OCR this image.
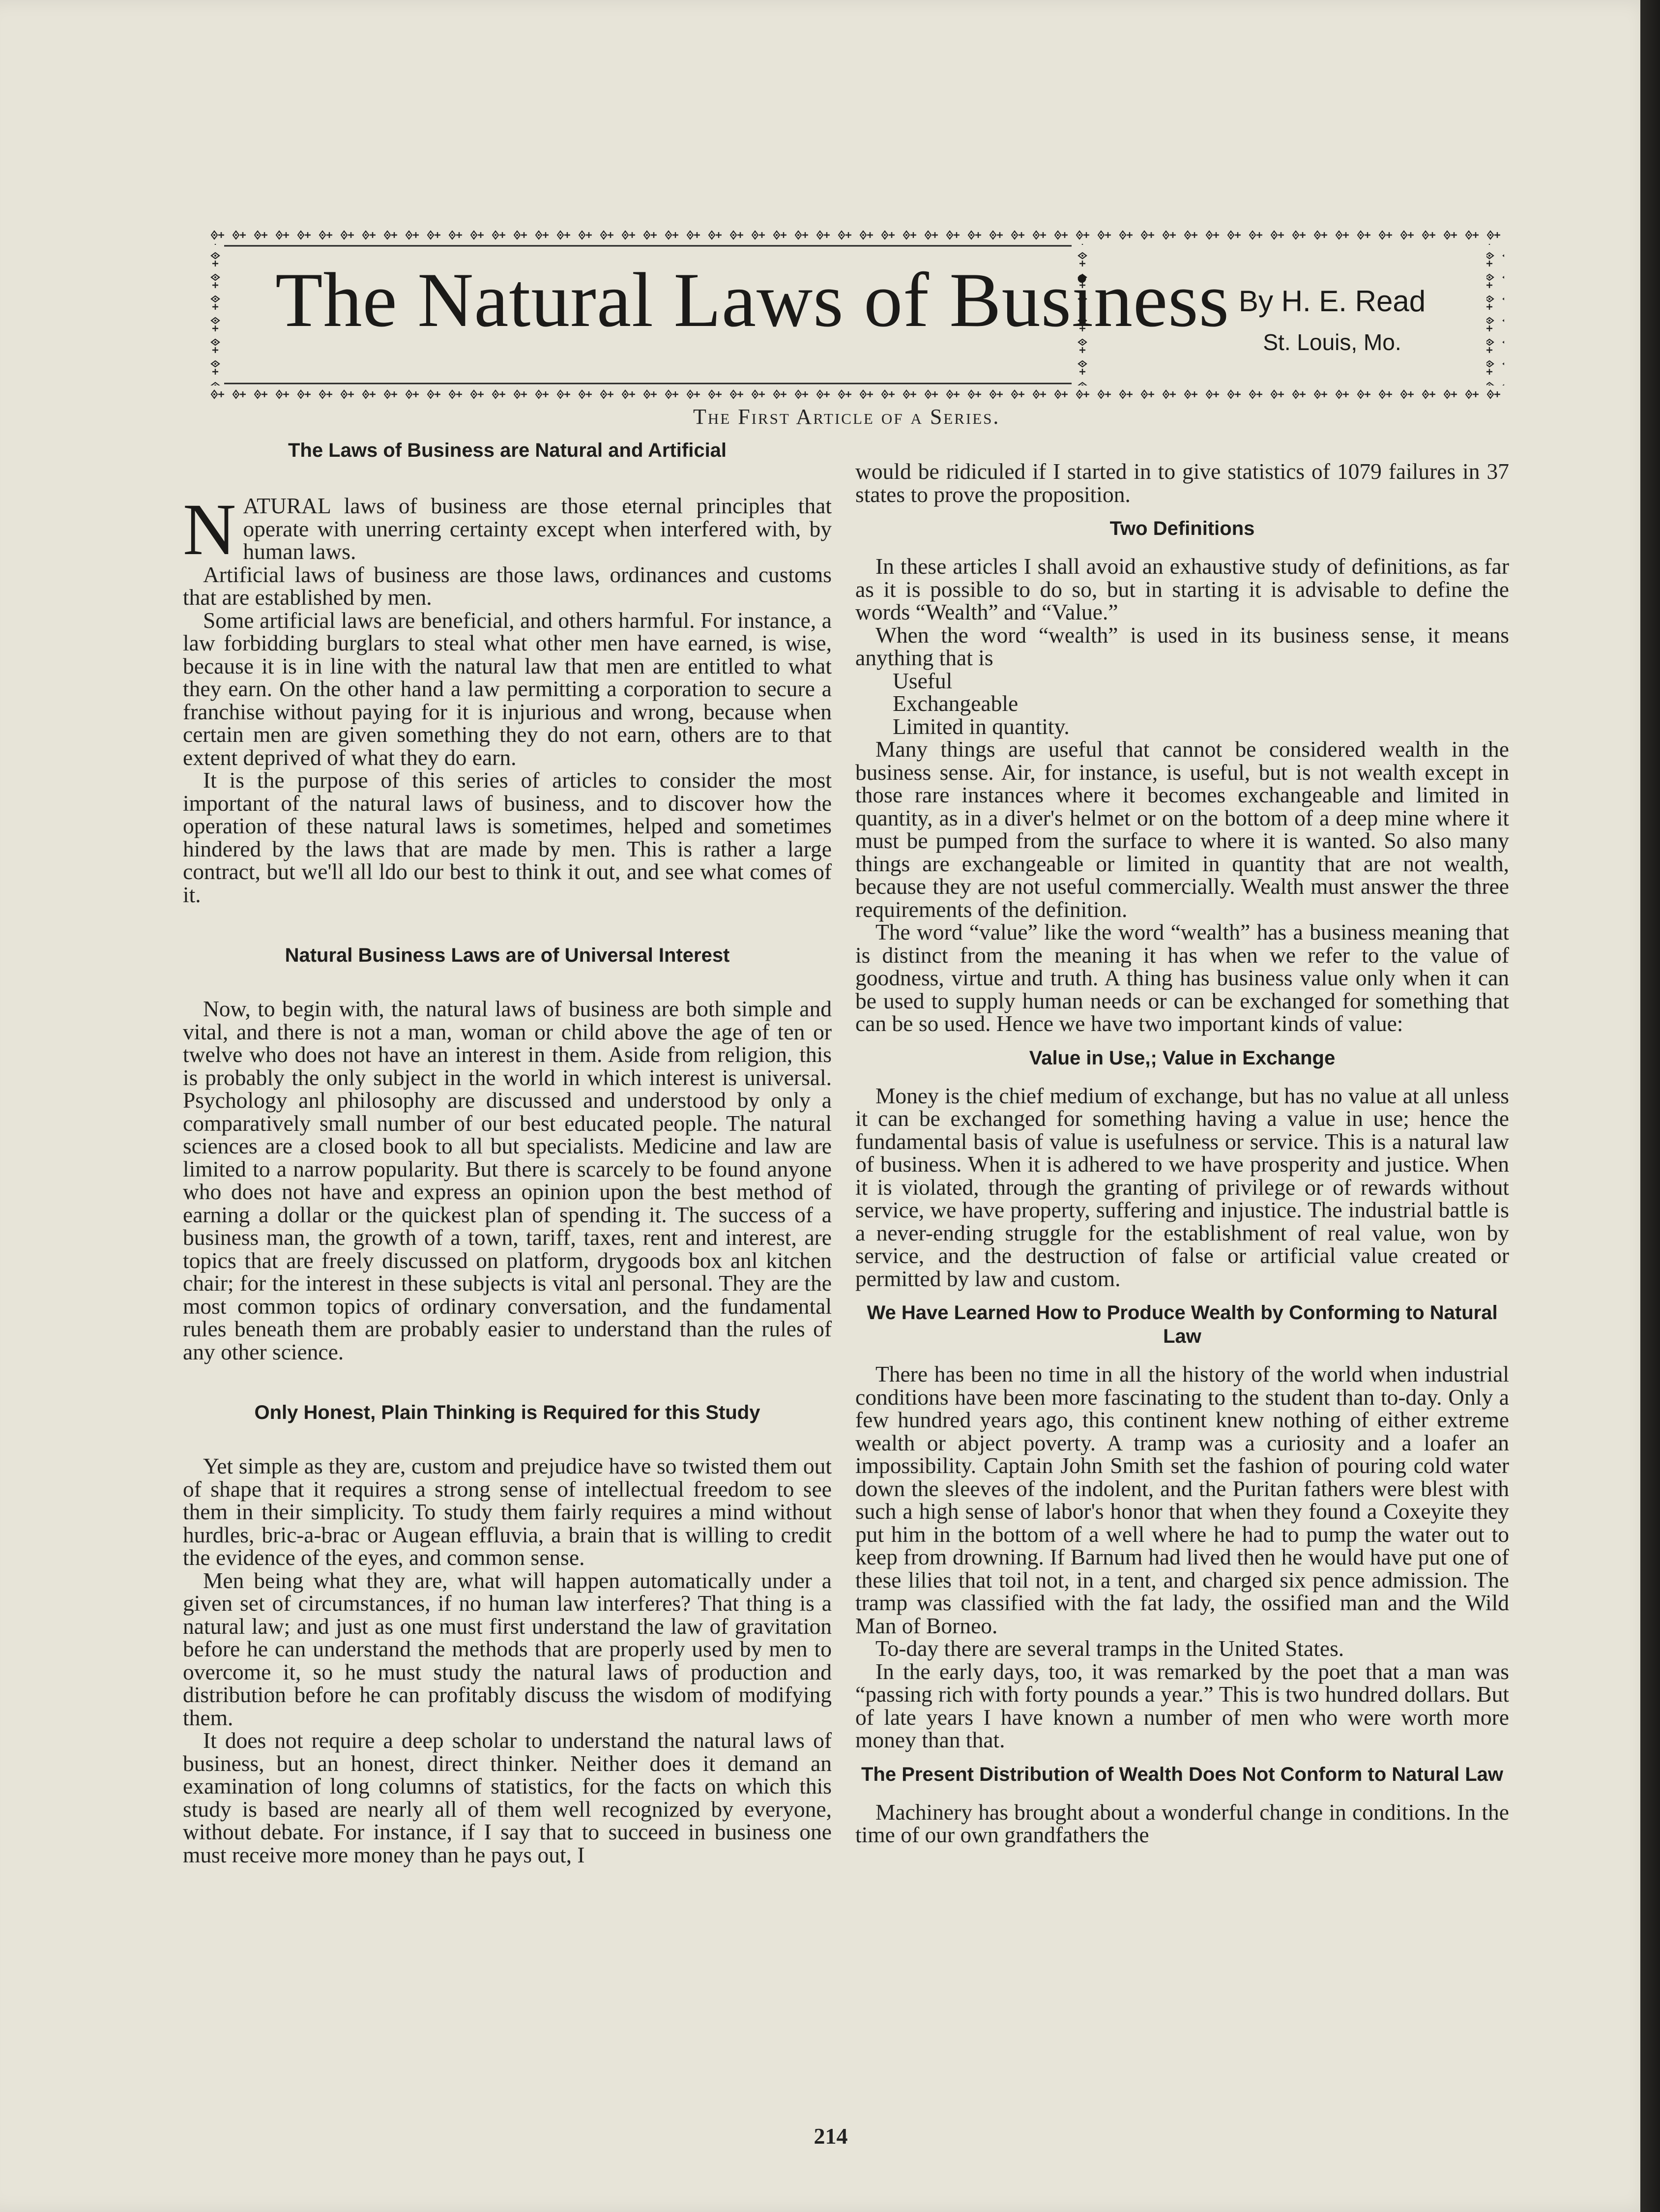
The Natural Laws of Business By H. E. Read
St. Louis, Mo.
The First Article of a Series.
The Laws of Business are Natural and Artificial

NATURAL laws of business are those eternal principles that operate with unerring certainty except when interfered with, by human laws.

Artificial laws of business are those laws, ordinances and customs that are established by men.

Some artificial laws are beneficial, and others harmful. For instance, a law forbidding burglars to steal what other men have earned, is wise, because it is in line with the natural law that men are entitled to what they earn. On the other hand a law permitting a corporation to secure a franchise without paying for it is injurious and wrong, because when certain men are given something they do not earn, others are to that extent deprived of what they do earn.

It is the purpose of this series of articles to consider the most important of the natural laws of business, and to discover how the operation of these natural laws is sometimes, helped and sometimes hindered by the laws that are made by men. This is rather a large contract, but we'll all ldo our best to think it out, and see what comes of it.

Natural Business Laws are of Universal Interest

Now, to begin with, the natural laws of business are both simple and vital, and there is not a man, woman or child above the age of ten or twelve who does not have an interest in them. Aside from religion, this is probably the only subject in the world in which interest is universal. Psychology anl philosophy are discussed and understood by only a comparatively small number of our best educated people. The natural sciences are a closed book to all but specialists. Medicine and law are limited to a narrow popularity. But there is scarcely to be found anyone who does not have and express an opinion upon the best method of earning a dollar or the quickest plan of spending it. The success of a business man, the growth of a town, tariff, taxes, rent and interest, are topics that are freely discussed on platform, drygoods box anl kitchen chair; for the interest in these subjects is vital anl personal. They are the most common topics of ordinary conversation, and the fundamental rules beneath them are probably easier to understand than the rules of any other science.

Only Honest, Plain Thinking is Required for this Study

Yet simple as they are, custom and prejudice have so twisted them out of shape that it requires a strong sense of intellectual freedom to see them in their simplicity. To study them fairly requires a mind without hurdles, bric-a-brac or Augean effluvia, a brain that is willing to credit the evidence of the eyes, and common sense.

Men being what they are, what will happen automatically under a given set of circumstances, if no human law interferes? That thing is a natural law; and just as one must first understand the law of gravitation before he can understand the methods that are properly used by men to overcome it, so he must study the natural laws of production and distribution before he can profitably discuss the wisdom of modifying them.

It does not require a deep scholar to understand the natural laws of business, but an honest, direct thinker. Neither does it demand an examination of long columns of statistics, for the facts on which this study is based are nearly all of them well recognized by everyone, without debate. For instance, if I say that to succeed in business one must receive more money than he pays out, I

would be ridiculed if I started in to give statistics of 1079 failures in 37 states to prove the proposition.

Two Definitions

In these articles I shall avoid an exhaustive study of definitions, as far as it is possible to do so, but in starting it is advisable to define the words “Wealth” and “Value.”

When the word “wealth” is used in its business sense, it means anything that is

Useful
Exchangeable
Limited in quantity.

Many things are useful that cannot be considered wealth in the business sense. Air, for instance, is useful, but is not wealth except in those rare instances where it becomes exchangeable and limited in quantity, as in a diver's helmet or on the bottom of a deep mine where it must be pumped from the surface to where it is wanted. So also many things are exchangeable or limited in quantity that are not wealth, because they are not useful commercially. Wealth must answer the three requirements of the definition.

The word “value” like the word “wealth” has a business meaning that is distinct from the meaning it has when we refer to the value of goodness, virtue and truth. A thing has business value only when it can be used to supply human needs or can be exchanged for something that can be so used. Hence we have two important kinds of value:

Value in Use,; Value in Exchange

Money is the chief medium of exchange, but has no value at all unless it can be exchanged for something having a value in use; hence the fundamental basis of value is usefulness or service. This is a natural law of business. When it is adhered to we have prosperity and justice. When it is violated, through the granting of privilege or of rewards without service, we have property, suffering and injustice. The industrial battle is a never-ending struggle for the establishment of real value, won by service, and the destruction of false or artificial value created or permitted by law and custom.

We Have Learned How to Produce Wealth by Conforming to Natural Law

There has been no time in all the history of the world when industrial conditions have been more fascinating to the student than to-day. Only a few hundred years ago, this continent knew nothing of either extreme wealth or abject poverty. A tramp was a curiosity and a loafer an impossibility. Captain John Smith set the fashion of pouring cold water down the sleeves of the indolent, and the Puritan fathers were blest with such a high sense of labor's honor that when they found a Coxeyite they put him in the bottom of a well where he had to pump the water out to keep from drowning. If Barnum had lived then he would have put one of these lilies that toil not, in a tent, and charged six pence admission. The tramp was classified with the fat lady, the ossified man and the Wild Man of Borneo.

To-day there are several tramps in the United States.

In the early days, too, it was remarked by the poet that a man was “passing rich with forty pounds a year.” This is two hundred dollars. But of late years I have known a number of men who were worth more money than that.

The Present Distribution of Wealth Does Not Conform to Natural Law

Machinery has brought about a wonderful change in conditions. In the time of our own grandfathers the

214
